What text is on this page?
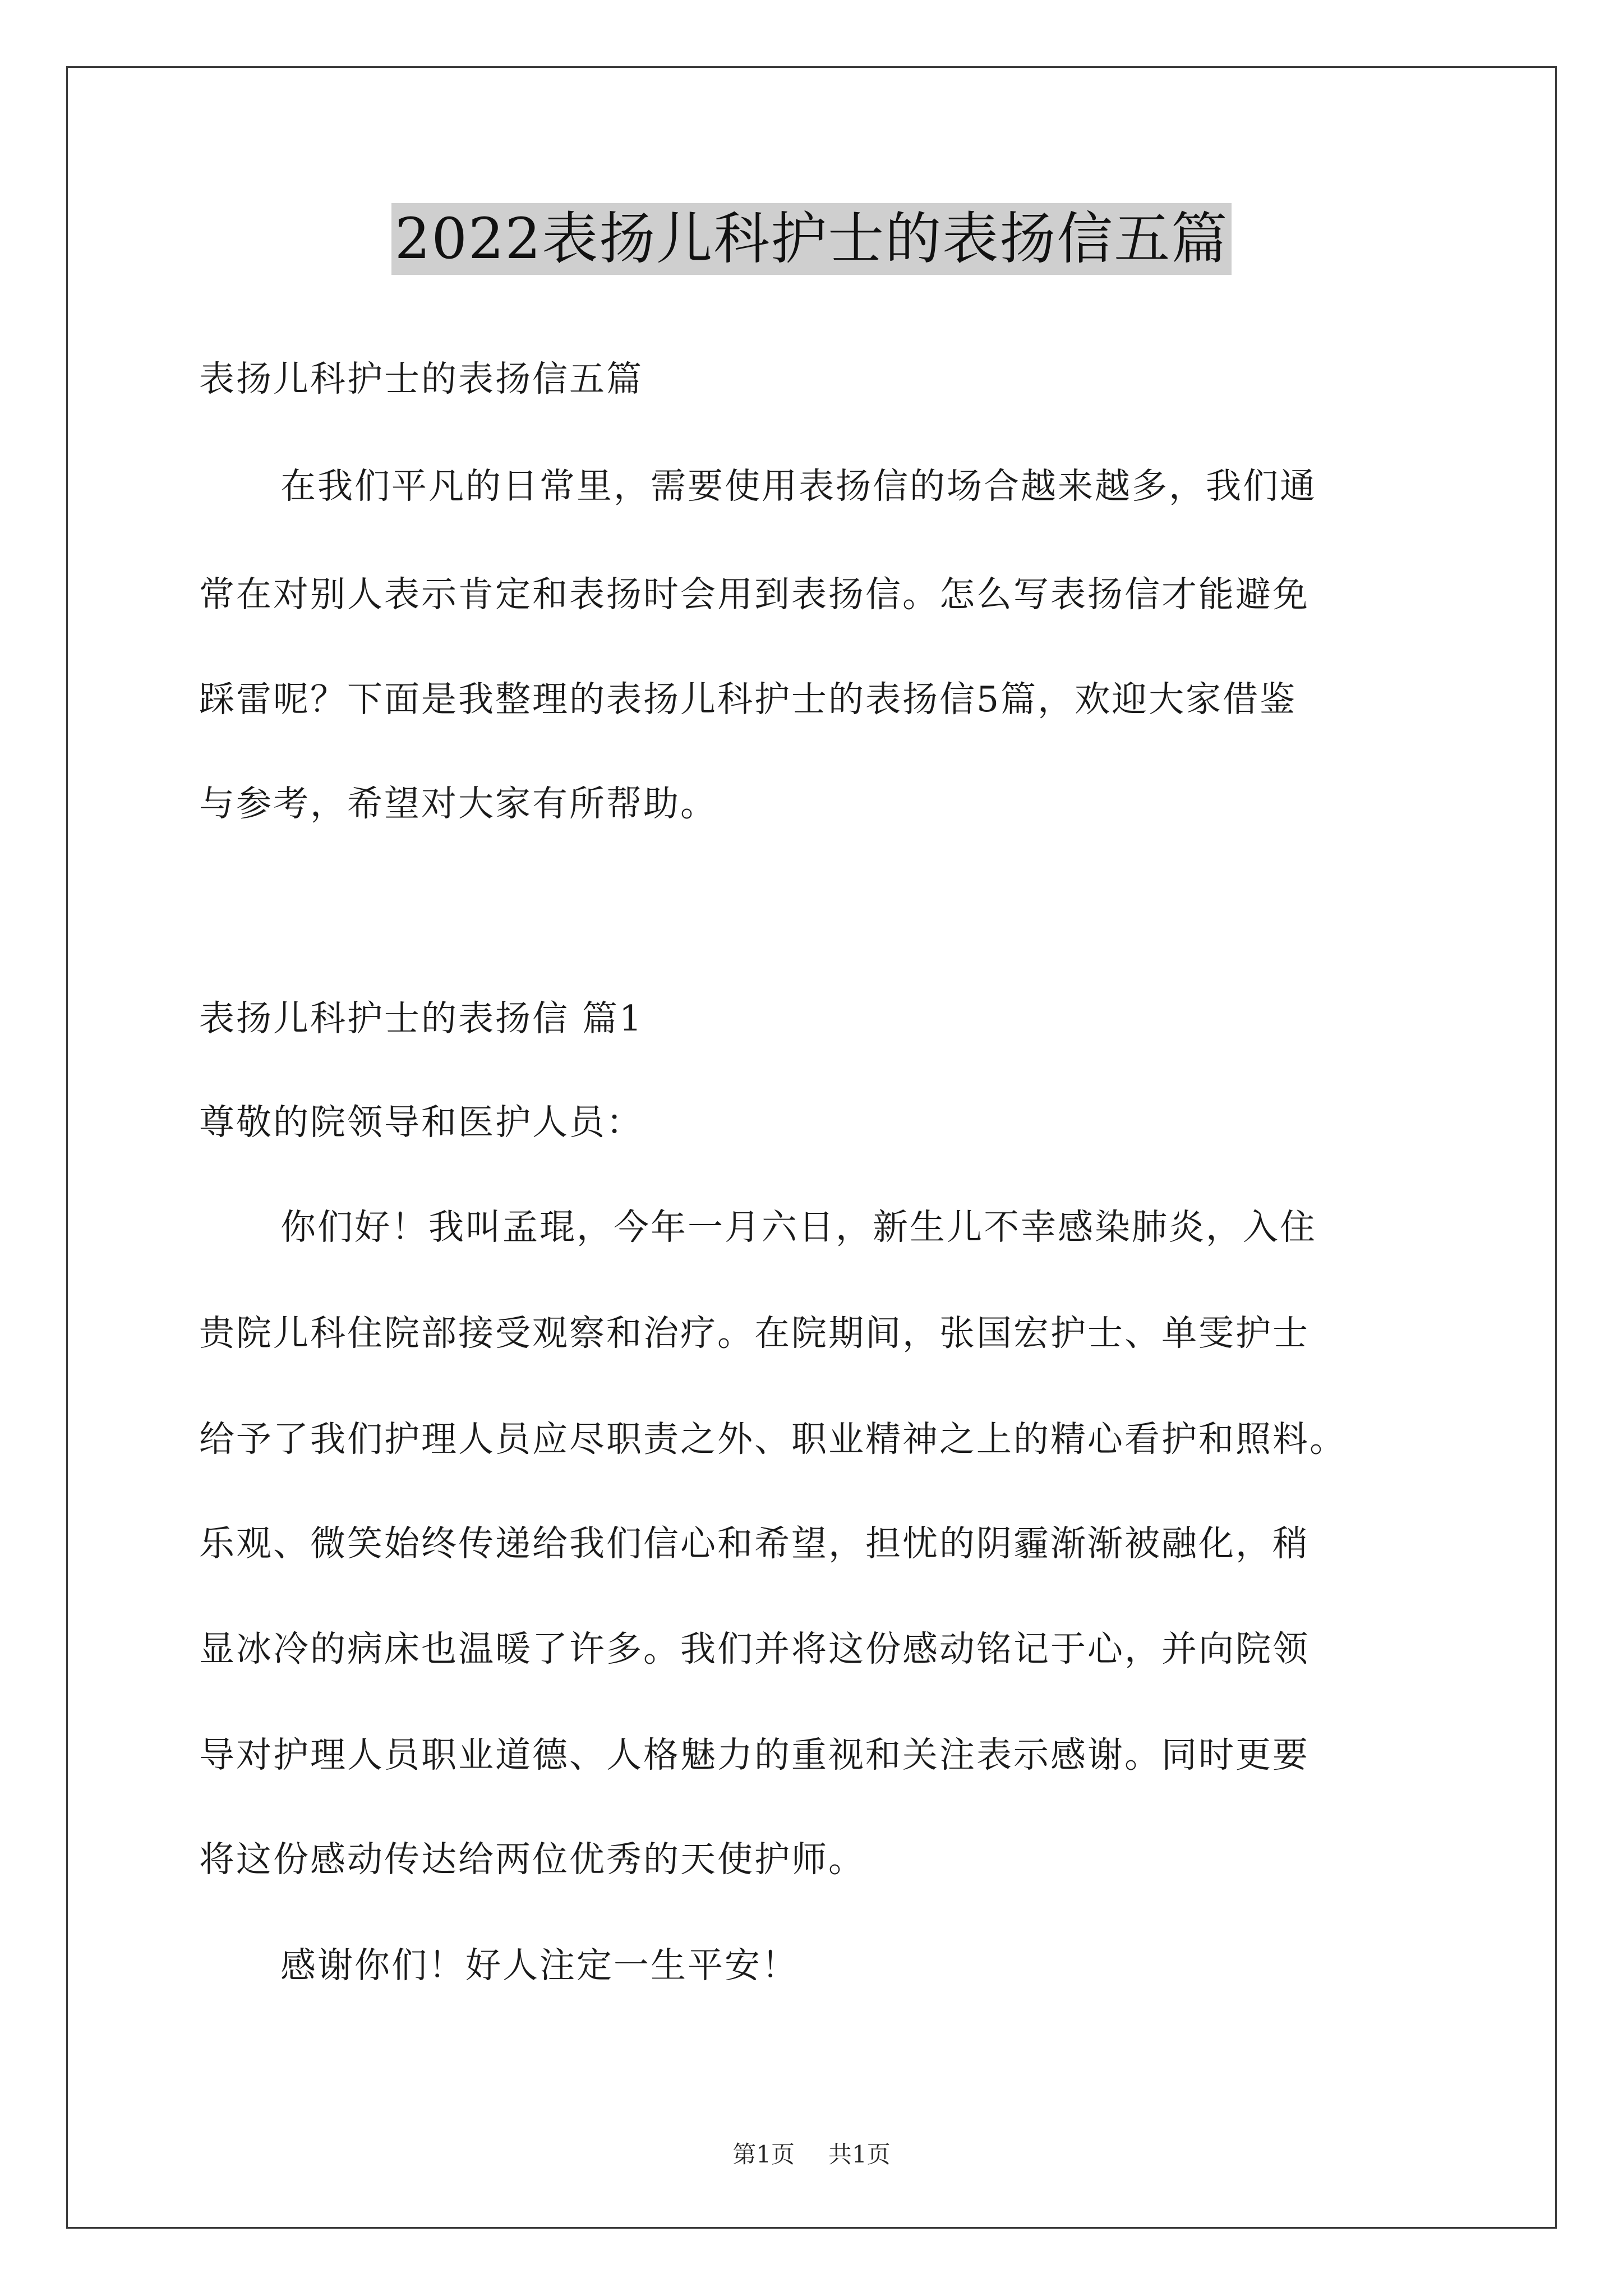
2022表扬儿科护士的表扬信五篇
表扬儿科护士的表扬信五篇
在我们平凡的日常里，需要使用表扬信的场合越来越多，我们通
常在对别人表示肯定和表扬时会用到表扬信。怎么写表扬信才能避免
踩雷呢？下面是我整理的表扬儿科护士的表扬信5篇，欢迎大家借鉴
与参考，希望对大家有所帮助。
表扬儿科护士的表扬信 篇1
尊敬的院领导和医护人员：
你们好！我叫孟琨，今年一月六日，新生儿不幸感染肺炎，入住
贵院儿科住院部接受观察和治疗。在院期间，张国宏护士、单雯护士
给予了我们护理人员应尽职责之外、职业精神之上的精心看护和照料。
乐观、微笑始终传递给我们信心和希望，担忧的阴霾渐渐被融化，稍
显冰冷的病床也温暖了许多。我们并将这份感动铭记于心，并向院领
导对护理人员职业道德、人格魅力的重视和关注表示感谢。同时更要
将这份感动传达给两位优秀的天使护师。
感谢你们！好人注定一生平安！
第1页 共1页
